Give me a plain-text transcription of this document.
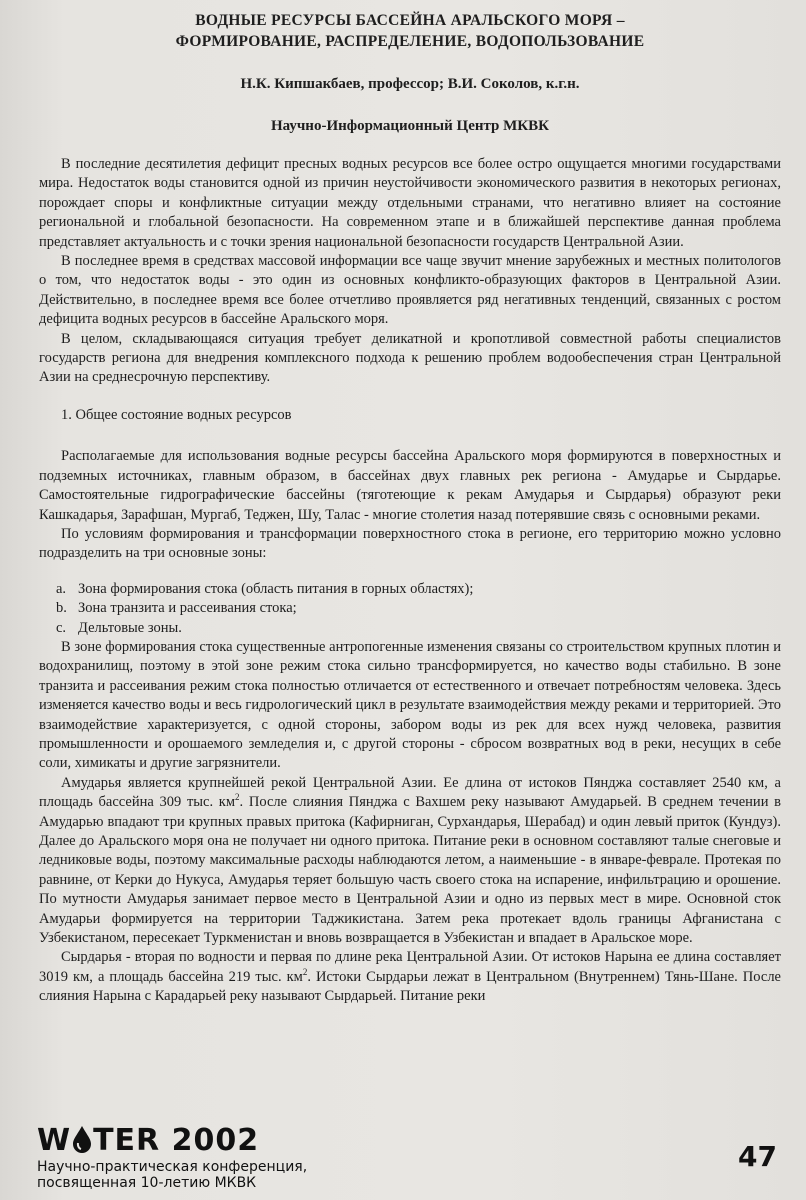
ВОДНЫЕ РЕСУРСЫ БАССЕЙНА АРАЛЬСКОГО МОРЯ –
ФОРМИРОВАНИЕ, РАСПРЕДЕЛЕНИЕ, ВОДОПОЛЬЗОВАНИЕ
Н.К. Кипшакбаев, профессор; В.И. Соколов, к.г.н.
Научно-Информационный Центр МКВК

В последние десятилетия дефицит пресных водных ресурсов все более остро ощущается многими государствами мира. Недостаток воды становится одной из причин неустойчивости экономического развития в некоторых регионах, порождает споры и конфликтные ситуации между отдельными странами, что негативно влияет на состояние региональной и глобальной безопасности. На современном этапе и в ближайшей перспективе данная проблема представляет актуальность и с точки зрения национальной безопасности государств Центральной Азии.

В последнее время в средствах массовой информации все чаще звучит мнение зарубежных и местных политологов о том, что недостаток воды - это один из основных конфликто-образующих факторов в Центральной Азии. Действительно, в последнее время все более отчетливо проявляется ряд негативных тенденций, связанных с ростом дефицита водных ресурсов в бассейне Аральского моря.

В целом, складывающаяся ситуация требует деликатной и кропотливой совместной работы специалистов государств региона для внедрения комплексного подхода к решению проблем водообеспечения стран Центральной Азии на среднесрочную перспективу.

1. Общее состояние водных ресурсов

Располагаемые для использования водные ресурсы бассейна Аральского моря формируются в поверхностных и подземных источниках, главным образом, в бассейнах двух главных рек региона - Амударье и Сырдарье. Самостоятельные гидрографические бассейны (тяготеющие к рекам Амударья и Сырдарья) образуют реки Кашкадарья, Зарафшан, Мургаб, Теджен, Шу, Талас - многие столетия назад потерявшие связь с основными реками.

По условиям формирования и трансформации поверхностного стока в регионе, его территорию можно условно подразделить на три основные зоны:

a. Зона формирования стока (область питания в горных областях);
b. Зона транзита и рассеивания стока;
c. Дельтовые зоны.

В зоне формирования стока существенные антропогенные изменения связаны со строительством крупных плотин и водохранилищ, поэтому в этой зоне режим стока сильно трансформируется, но качество воды стабильно. В зоне транзита и рассеивания режим стока полностью отличается от естественного и отвечает потребностям человека. Здесь изменяется качество воды и весь гидрологический цикл в результате взаимодействия между реками и территорией. Это взаимодействие характеризуется, с одной стороны, забором воды из рек для всех нужд человека, развития промышленности и орошаемого земледелия и, с другой стороны - сбросом возвратных вод в реки, несущих в себе соли, химикаты и другие загрязнители.

Амударья является крупнейшей рекой Центральной Азии. Ее длина от истоков Пянджа составляет 2540 км, а площадь бассейна 309 тыс. $км^2$. После слияния Пянджа с Вахшем реку называют Амударьей. В среднем течении в Амударью впадают три крупных правых притока (Кафирниган, Сурхандарья, Шерабад) и один левый приток (Кундуз). Далее до Аральского моря она не получает ни одного притока. Питание реки в основном составляют талые снеговые и ледниковые воды, поэтому максимальные расходы наблюдаются летом, а наименьшие - в январе-феврале. Протекая по равнине, от Керки до Нукуса, Амударья теряет большую часть своего стока на испарение, инфильтрацию и орошение. По мутности Амударья занимает первое место в Центральной Азии и одно из первых мест в мире. Основной сток Амударьи формируется на территории Таджикистана. Затем река протекает вдоль границы Афганистана с Узбекистаном, пересекает Туркменистан и вновь возвращается в Узбекистан и впадает в Аральское море.

Сырдарья - вторая по водности и первая по длине река Центральной Азии. От истоков Нарына ее длина составляет 3019 км, а площадь бассейна 219 тыс. $км^2$. Истоки Сырдарьи лежат в Центральном (Внутреннем) Тянь-Шане. После слияния Нарына с Карадарьей реку называют Сырдарьей. Питание реки

W TER 2002
Научно-практическая конференция,
посвященная 10-летию МКВК
47
